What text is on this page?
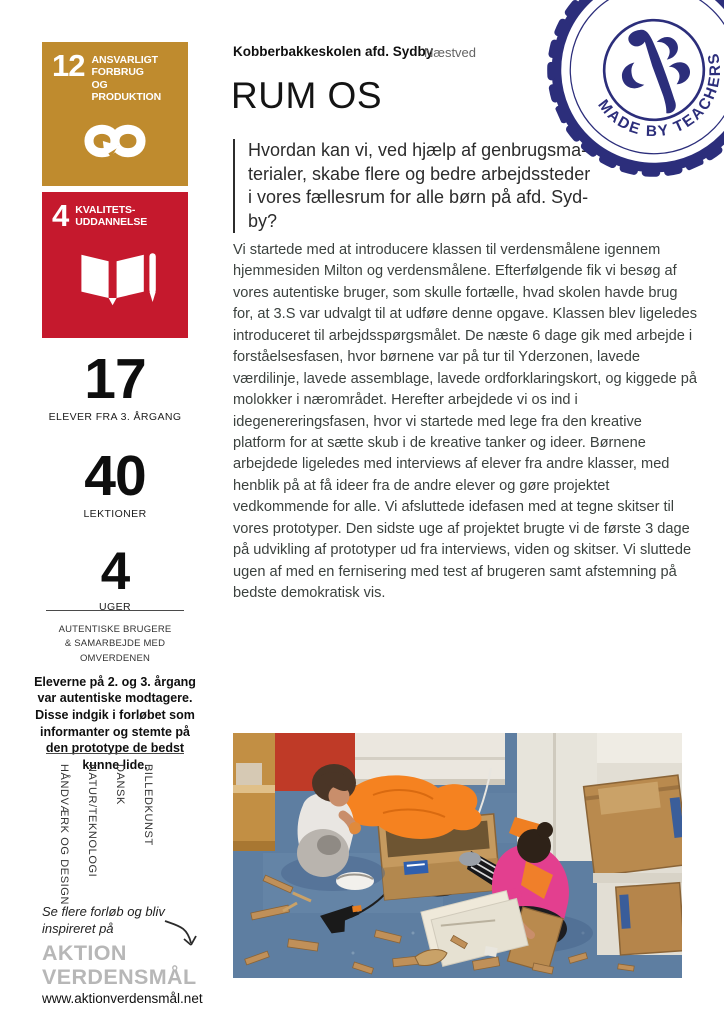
12 ANSVARLIGT
FORBRUG
OG PRODUKTION
4 KVALITETS-
UDDANNELSE
17
ELEVER FRA 3. ÅRGANG
40
LEKTIONER
4
UGER
AUTENTISKE BRUGERE
& SAMARBEJDE MED
OMVERDENEN
Eleverne på 2. og 3. årgang var autentiske modtagere. Disse indgik i forløbet som informanter og stemte på den prototype de bedst kunne lide.
HÅNDVÆRK OG DESIGN NATUR/TEKNOLOGI DANSK BILLEDKUNST
Se flere forløb og bliv inspireret på
AKTION
VERDENSMÅL
www.aktionverdensmål.net
Kobberbakkeskolen afd. Sydby
Næstved
RUM OS
Hvordan kan vi, ved hjælp af genbrugsma-
terialer, skabe flere og bedre arbejdssteder
i vores fællesrum for alle børn på afd. Syd-
by?
Vi startede med at introducere klassen til verdensmålene igennem hjemmesiden Milton og verdensmålene. Efterfølgende fik vi besøg af vores autentiske bruger, som skulle fortælle, hvad skolen havde brug for, at 3.S var udvalgt til at udføre denne opgave. Klassen blev ligeledes introduceret til arbejdsspørgsmålet. De næste 6 dage gik med arbejde i forståelsesfasen, hvor børnene var på tur til Yderzonen, lavede værdilinje, lavede assemblage, lavede ordforklaringskort, og kiggede på molokker i nærområdet. Herefter arbejdede vi os ind i idegenereringsfasen, hvor vi startede med lege fra den kreative platform for at sætte skub i de kreative tanker og ideer. Børnene arbejdede ligeledes med interviews af elever fra andre klasser, med henblik på at få ideer fra de andre elever og gøre projektet vedkommende for alle. Vi afsluttede idefasen med at tegne skitser til vores prototyper. Den sidste uge af projektet brugte vi de første 3 dage på udvikling af prototyper ud fra interviews, viden og skitser. Vi sluttede ugen af med en fernisering med test af brugeren samt afstemning på bedste demokratisk vis.
MADE BY TEACHERS
